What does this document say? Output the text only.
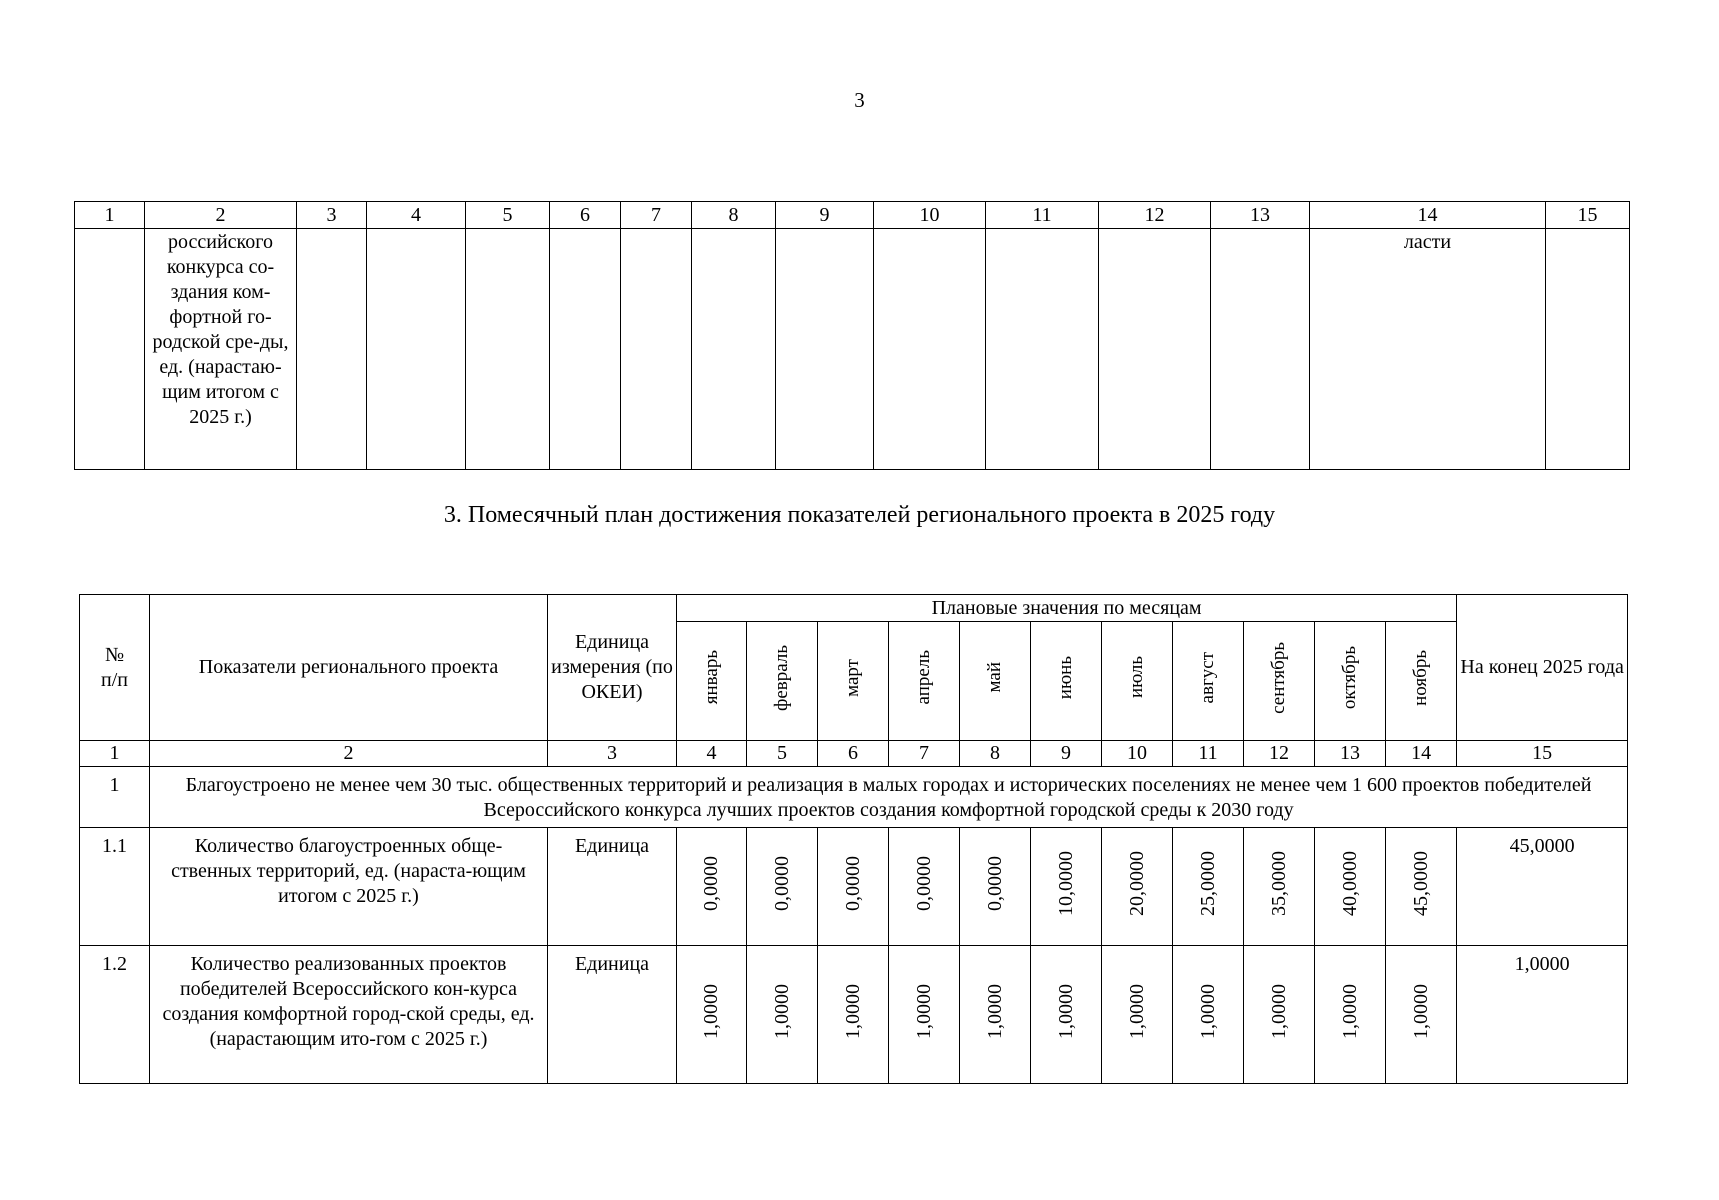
3
1	2	3	4	5	6	7	8	9	10	11	12	13	14	15

	российского конкурса со-здания ком-фортной го-родской сре-ды, ед. (нарастаю-щим итогом с 2025 г.)												ласти	

3. Помесячный план достижения показателей регионального проекта в 2025 году
№ п/п	Показатели регионального проекта	Единица измерения (по ОКЕИ)	Плановые значения по месяцам											На конец 2025 года
			январь	февраль	март	апрель	май	июнь	июль	август	сентябрь	октябрь	ноябрь	
1	2	3	4	5	6	7	8	9	10	11	12	13	14	15
1	Благоустроено не менее чем 30 тыс. общественных территорий и реализация в малых городах и исторических поселениях не менее чем 1 600 проектов победителей Всероссийского конкурса лучших проектов создания комфортной городской среды к 2030 году													
1.1	Количество благоустроенных обще-ственных территорий, ед. (нараста-ющим итогом с 2025 г.)	Единица	0,0000	0,0000	0,0000	0,0000	0,0000	10,0000	20,0000	25,0000	35,0000	40,0000	45,0000	45,0000
1.2	Количество реализованных проектов победителей Всероссийского кон-курса создания комфортной город-ской среды, ед. (нарастающим ито-гом с 2025 г.)	Единица	1,0000	1,0000	1,0000	1,0000	1,0000	1,0000	1,0000	1,0000	1,0000	1,0000	1,0000	1,0000
